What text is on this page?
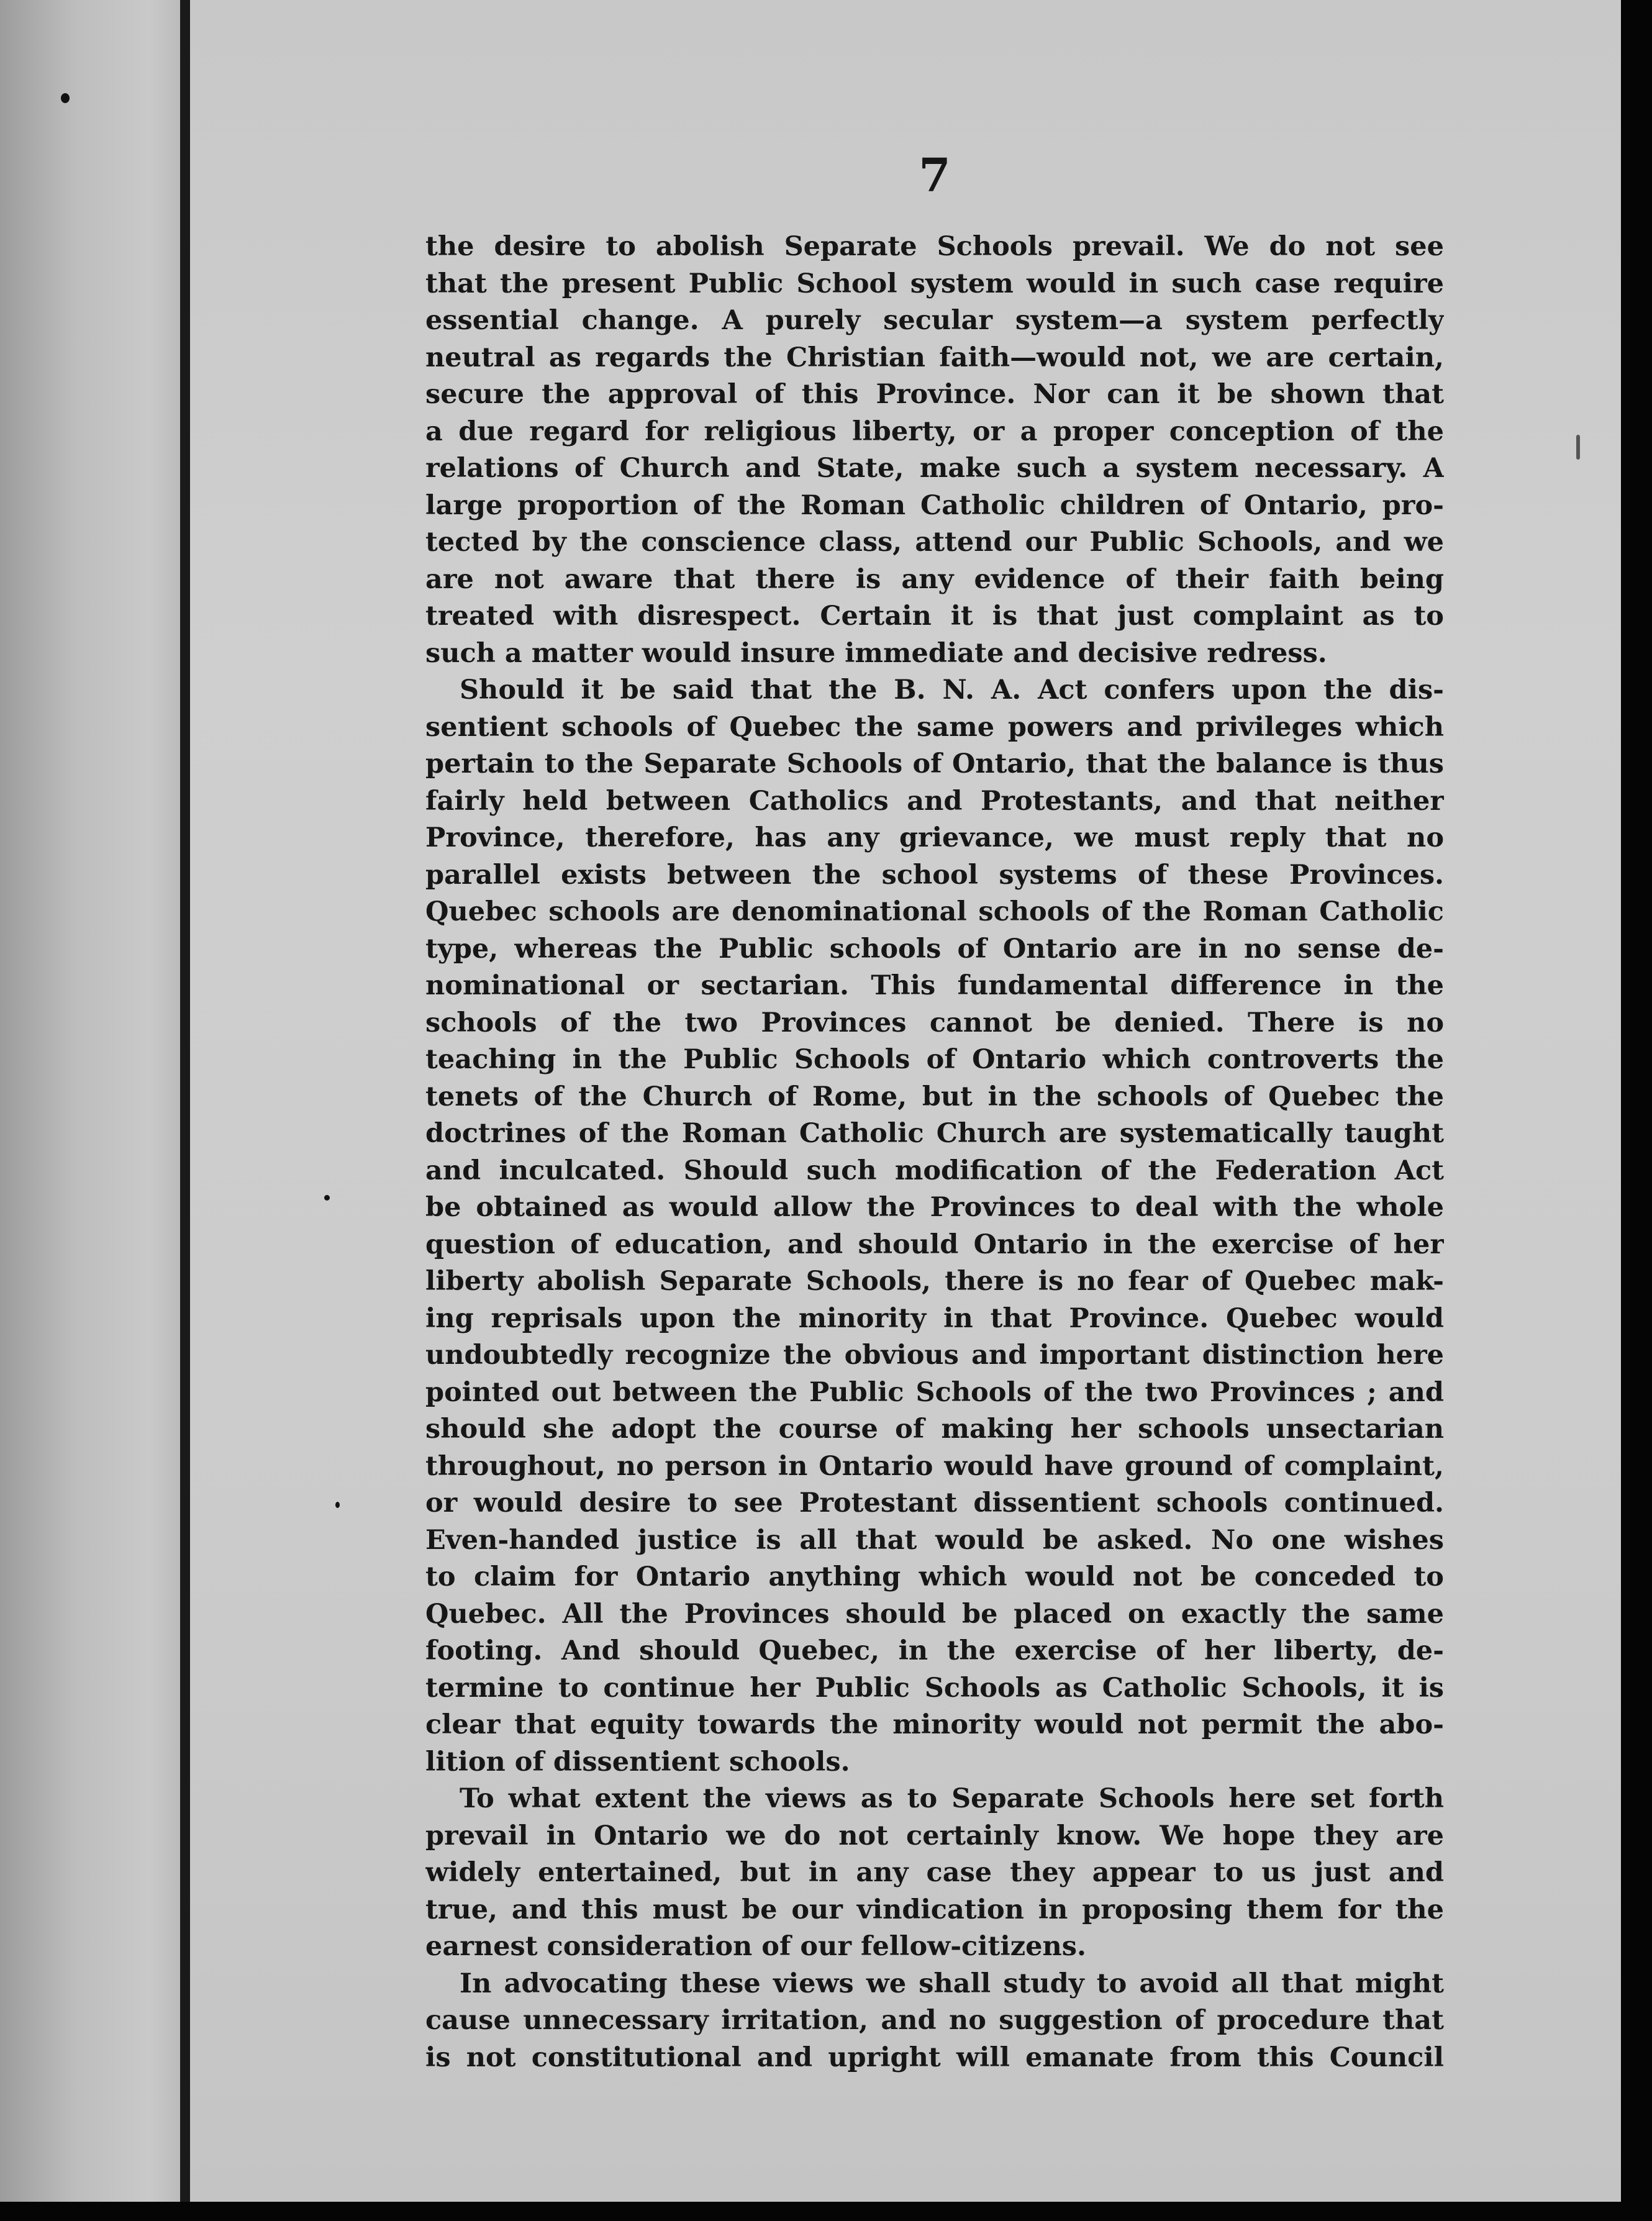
7
the desire to abolish Separate Schools prevail. We do not see
that the present Public School system would in such case require
essential change. A purely secular system—a system perfectly
neutral as regards the Christian faith—would not, we are certain,
secure the approval of this Province. Nor can it be shown that
a due regard for religious liberty, or a proper conception of the
relations of Church and State, make such a system necessary. A
large proportion of the Roman Catholic children of Ontario, pro-
tected by the conscience class, attend our Public Schools, and we
are not aware that there is any evidence of their faith being
treated with disrespect. Certain it is that just complaint as to
such a matter would insure immediate and decisive redress.
Should it be said that the B. N. A. Act confers upon the dis-
sentient schools of Quebec the same powers and privileges which
pertain to the Separate Schools of Ontario, that the balance is thus
fairly held between Catholics and Protestants, and that neither
Province, therefore, has any grievance, we must reply that no
parallel exists between the school systems of these Provinces.
Quebec schools are denominational schools of the Roman Catholic
type, whereas the Public schools of Ontario are in no sense de-
nominational or sectarian. This fundamental difference in the
schools of the two Provinces cannot be denied. There is no
teaching in the Public Schools of Ontario which controverts the
tenets of the Church of Rome, but in the schools of Quebec the
doctrines of the Roman Catholic Church are systematically taught
and inculcated. Should such modification of the Federation Act
be obtained as would allow the Provinces to deal with the whole
question of education, and should Ontario in the exercise of her
liberty abolish Separate Schools, there is no fear of Quebec mak-
ing reprisals upon the minority in that Province. Quebec would
undoubtedly recognize the obvious and important distinction here
pointed out between the Public Schools of the two Provinces ; and
should she adopt the course of making her schools unsectarian
throughout, no person in Ontario would have ground of complaint,
or would desire to see Protestant dissentient schools continued.
Even-handed justice is all that would be asked. No one wishes
to claim for Ontario anything which would not be conceded to
Quebec. All the Provinces should be placed on exactly the same
footing. And should Quebec, in the exercise of her liberty, de-
termine to continue her Public Schools as Catholic Schools, it is
clear that equity towards the minority would not permit the abo-
lition of dissentient schools.
To what extent the views as to Separate Schools here set forth
prevail in Ontario we do not certainly know. We hope they are
widely entertained, but in any case they appear to us just and
true, and this must be our vindication in proposing them for the
earnest consideration of our fellow-citizens.
In advocating these views we shall study to avoid all that might
cause unnecessary irritation, and no suggestion of procedure that
is not constitutional and upright will emanate from this Council
